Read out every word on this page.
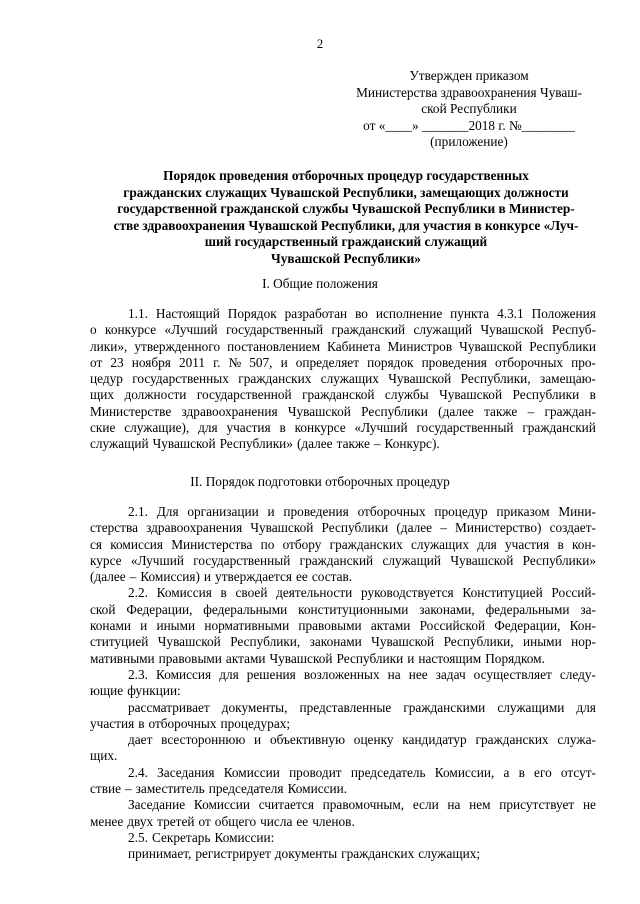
2
Утвержден приказом
Министерства здравоохранения Чуваш-
ской Республики
от «____» _______2018 г. №________
(приложение)
Порядок проведения отборочных процедур государственных
гражданских служащих Чувашской Республики, замещающих должности
государственной гражданской службы Чувашской Республики в Министер-
стве здравоохранения Чувашской Республики, для участия в конкурсе «Луч-
ший государственный гражданский служащий
Чувашской Республики»
I. Общие положения
1.1. Настоящий Порядок разработан во исполнение пункта 4.3.1 Положения
о конкурсе «Лучший государственный гражданский служащий Чувашской Респуб-
лики», утвержденного постановлением Кабинета Министров Чувашской Республики
от 23 ноября 2011 г. № 507, и определяет порядок проведения отборочных про-
цедур государственных гражданских служащих Чувашской Республики, замещаю-
щих должности государственной гражданской службы Чувашской Республики в
Министерстве здравоохранения Чувашской Республики (далее также – граждан-
ские служащие), для участия в конкурсе «Лучший государственный гражданский
служащий Чувашской Республики» (далее также – Конкурс).
II. Порядок подготовки отборочных процедур
2.1. Для организации и проведения отборочных процедур приказом Мини-
стерства здравоохранения Чувашской Республики (далее – Министерство) создает-
ся комиссия Министерства по отбору гражданских служащих для участия в кон-
курсе «Лучший государственный гражданский служащий Чувашской Республики»
(далее – Комиссия) и утверждается ее состав.
2.2. Комиссия в своей деятельности руководствуется Конституцией Россий-
ской Федерации, федеральными конституционными законами, федеральными за-
конами и иными нормативными правовыми актами Российской Федерации, Кон-
ституцией Чувашской Республики, законами Чувашской Республики, иными нор-
мативными правовыми актами Чувашской Республики и настоящим Порядком.
2.3. Комиссия для решения возложенных на нее задач осуществляет следу-
ющие функции:
рассматривает документы, представленные гражданскими служащими для
участия в отборочных процедурах;
дает всестороннюю и объективную оценку кандидатур гражданских служа-
щих.
2.4. Заседания Комиссии проводит председатель Комиссии, а в его отсут-
ствие – заместитель председателя Комиссии.
Заседание Комиссии считается правомочным, если на нем присутствует не
менее двух третей от общего числа ее членов.
2.5. Секретарь Комиссии:
принимает, регистрирует документы гражданских служащих;
